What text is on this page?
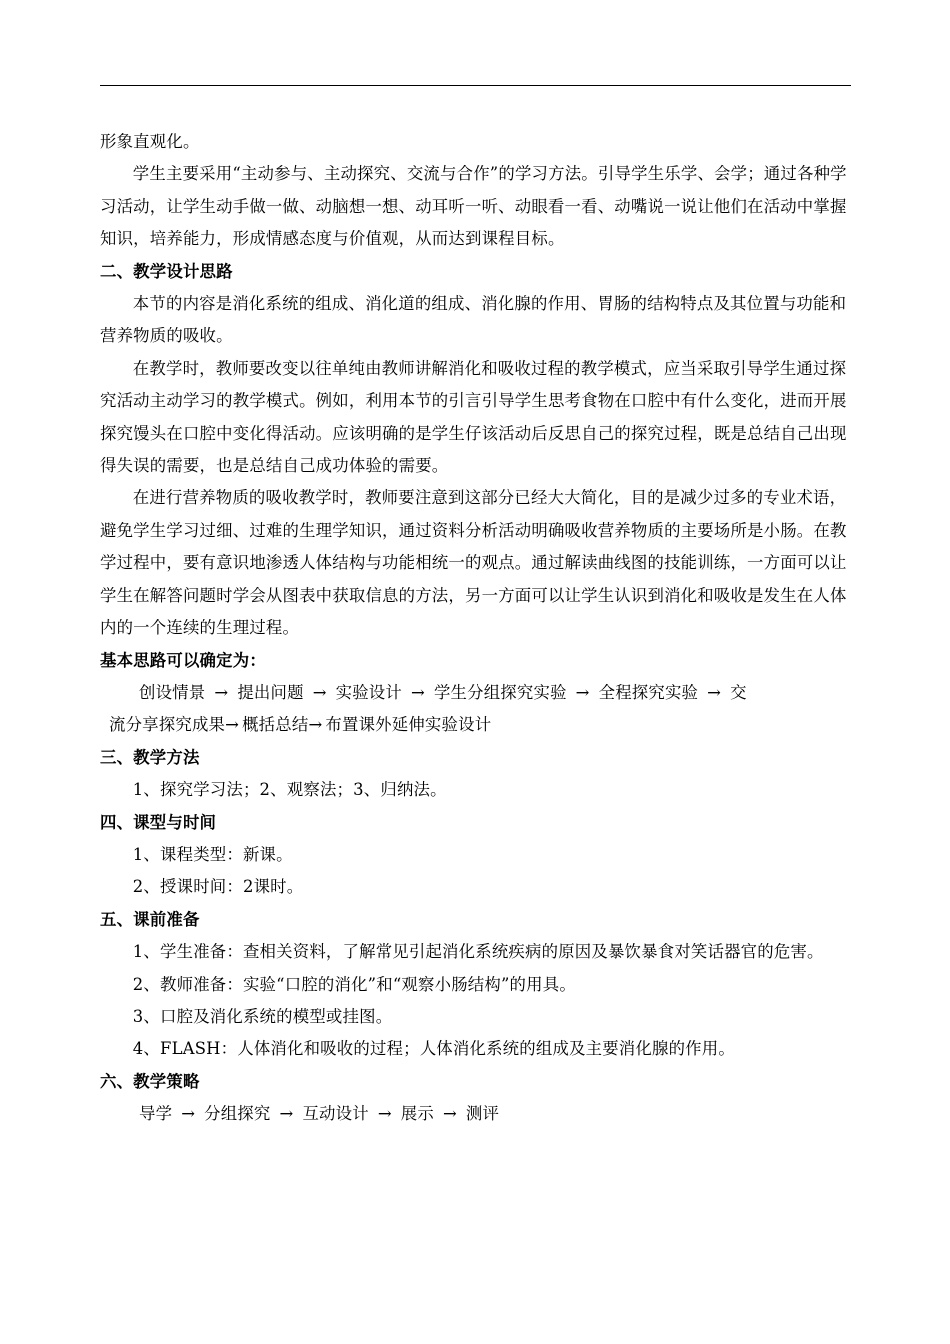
形象直观化。

学生主要采用“主动参与、主动探究、交流与合作”的学习方法。引导学生乐学、会学；通过各种学习活动，让学生动手做一做、动脑想一想、动耳听一听、动眼看一看、动嘴说一说让他们在活动中掌握知识，培养能力，形成情感态度与价值观，从而达到课程目标。

二、教学设计思路

本节的内容是消化系统的组成、消化道的组成、消化腺的作用、胃肠的结构特点及其位置与功能和营养物质的吸收。

在教学时，教师要改变以往单纯由教师讲解消化和吸收过程的教学模式，应当采取引导学生通过探究活动主动学习的教学模式。例如，利用本节的引言引导学生思考食物在口腔中有什么变化，进而开展探究馒头在口腔中变化得活动。应该明确的是学生仔该活动后反思自己的探究过程，既是总结自己出现得失误的需要，也是总结自己成功体验的需要。

在进行营养物质的吸收教学时，教师要注意到这部分已经大大简化，目的是减少过多的专业术语，避免学生学习过细、过难的生理学知识，通过资料分析活动明确吸收营养物质的主要场所是小肠。在教学过程中，要有意识地渗透人体结构与功能相统一的观点。通过解读曲线图的技能训练，一方面可以让学生在解答问题时学会从图表中获取信息的方法，另一方面可以让学生认识到消化和吸收是发生在人体内的一个连续的生理过程。

基本思路可以确定为：

创设情景 → 提出问题 → 实验设计 → 学生分组探究实验 → 全程探究实验 → 交

流分享探究成果→ 概括总结→ 布置课外延伸实验设计

三、教学方法

1、探究学习法；2、观察法；3、归纳法。

四、课型与时间

1、课程类型：新课。

2、授课时间：2课时。

五、课前准备

1、学生准备：查相关资料，了解常见引起消化系统疾病的原因及暴饮暴食对笑话器官的危害。

2、教师准备：实验“口腔的消化”和“观察小肠结构”的用具。

3、口腔及消化系统的模型或挂图。

4、FLASH：人体消化和吸收的过程；人体消化系统的组成及主要消化腺的作用。

六、教学策略

导学 → 分组探究 → 互动设计 → 展示 → 测评
